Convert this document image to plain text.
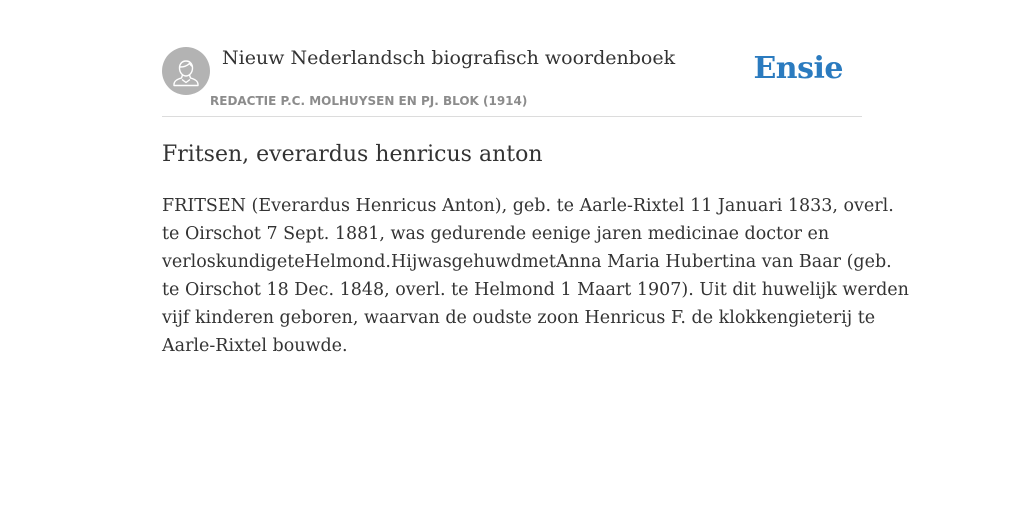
Nieuw Nederlandsch biografisch woordenboek
REDACTIE P.C. MOLHUYSEN EN PJ. BLOK (1914)
Ensie
Fritsen, everardus henricus anton

FRITSEN (Everardus Henricus Anton), geb. te Aarle-Rixtel 11 Januari 1833, overl.
te Oirschot 7 Sept. 1881, was gedurende eenige jaren medicinae doctor en
verloskundigeteHelmond.HijwasgehuwdmetAnna Maria Hubertina van Baar (geb.
te Oirschot 18 Dec. 1848, overl. te Helmond 1 Maart 1907). Uit dit huwelijk werden
vijf kinderen geboren, waarvan de oudste zoon Henricus F. de klokkengieterij te
Aarle-Rixtel bouwde.
